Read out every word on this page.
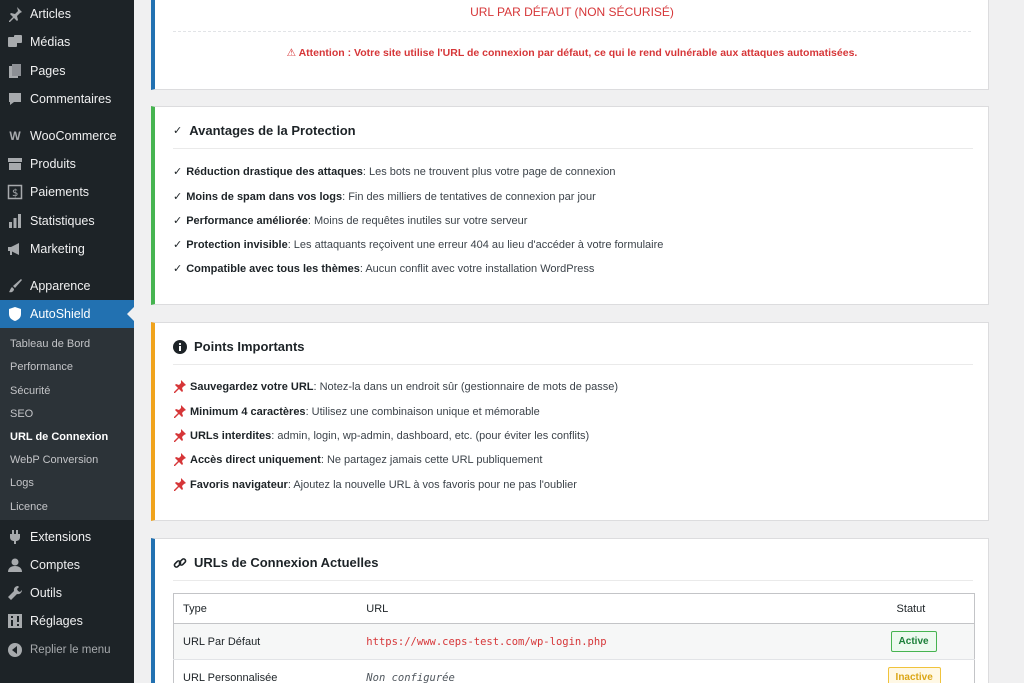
Articles
Médias
Pages
Commentaires
W WooCommerce
Produits
$ Paiements
Statistiques
Marketing
Apparence
AutoShield
Tableau de Bord
Performance
Sécurité
SEO
URL de Connexion
WebP Conversion
Logs
Licence
Extensions
Comptes
Outils
Réglages
Replier le menu
URL PAR DÉFAUT (NON SÉCURISÉ)
⚠ Attention : Votre site utilise l'URL de connexion par défaut, ce qui le rend vulnérable aux attaques automatisées.
✓ Avantages de la Protection
✓ Réduction drastique des attaques : Les bots ne trouvent plus votre page de connexion
✓ Moins de spam dans vos logs : Fin des milliers de tentatives de connexion par jour
✓ Performance améliorée : Moins de requêtes inutiles sur votre serveur
✓ Protection invisible : Les attaquants reçoivent une erreur 404 au lieu d'accéder à votre formulaire
✓ Compatible avec tous les thèmes : Aucun conflit avec votre installation WordPress
Points Importants
Sauvegardez votre URL : Notez-la dans un endroit sûr (gestionnaire de mots de passe)
Minimum 4 caractères : Utilisez une combinaison unique et mémorable
URLs interdites : admin, login, wp-admin, dashboard, etc. (pour éviter les conflits)
Accès direct uniquement : Ne partagez jamais cette URL publiquement
Favoris navigateur : Ajoutez la nouvelle URL à vos favoris pour ne pas l'oublier
URLs de Connexion Actuelles
Type	URL	Statut
URL Par Défaut	https://www.ceps-test.com/wp-login.php	Active
URL Personnalisée	Non configurée	Inactive
